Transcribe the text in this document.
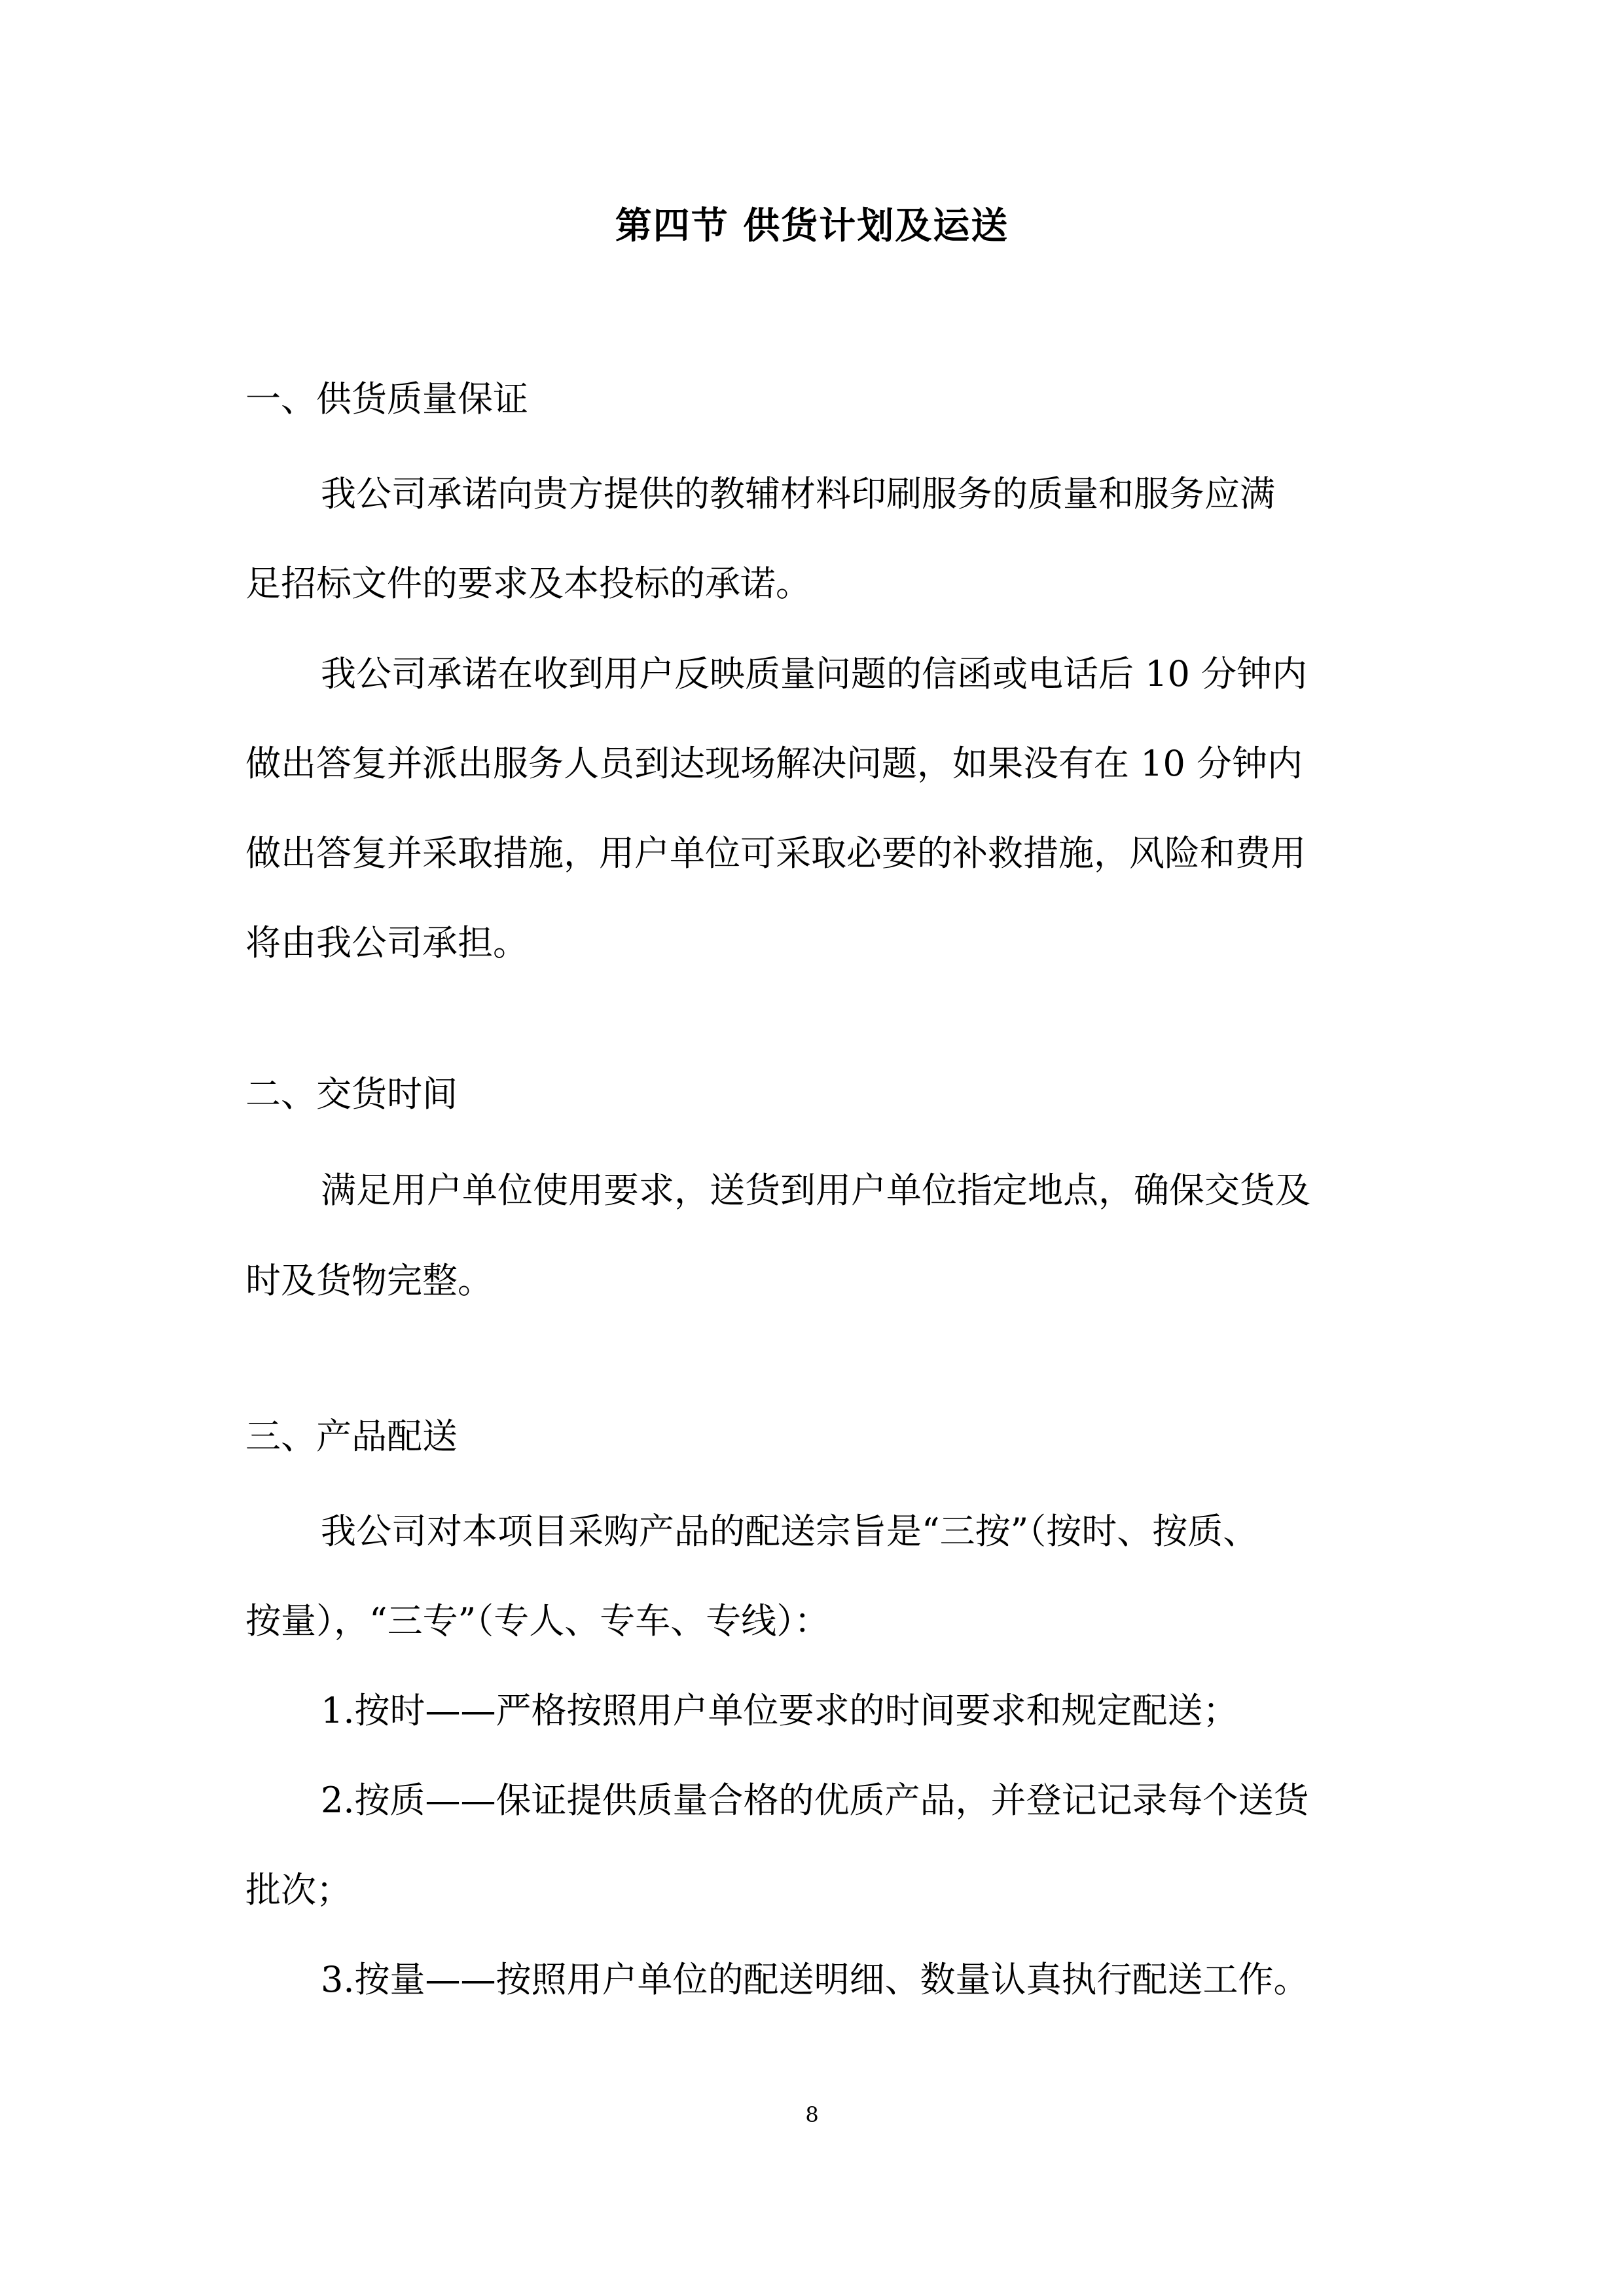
第四节 供货计划及运送
一、供货质量保证
我公司承诺向贵方提供的教辅材料印刷服务的质量和服务应满
足招标文件的要求及本投标的承诺。
我公司承诺在收到用户反映质量问题的信函或电话后 10 分钟内
做出答复并派出服务人员到达现场解决问题，如果没有在 10 分钟内
做出答复并采取措施，用户单位可采取必要的补救措施，风险和费用
将由我公司承担。
二、交货时间
满足用户单位使用要求，送货到用户单位指定地点，确保交货及
时及货物完整。
三、产品配送
我公司对本项目采购产品的配送宗旨是“三按”（按时、按质、
按量），“三专”（专人、专车、专线）：
1.按时——严格按照用户单位要求的时间要求和规定配送；
2.按质——保证提供质量合格的优质产品，并登记记录每个送货
批次；
3.按量——按照用户单位的配送明细、数量认真执行配送工作。
8
